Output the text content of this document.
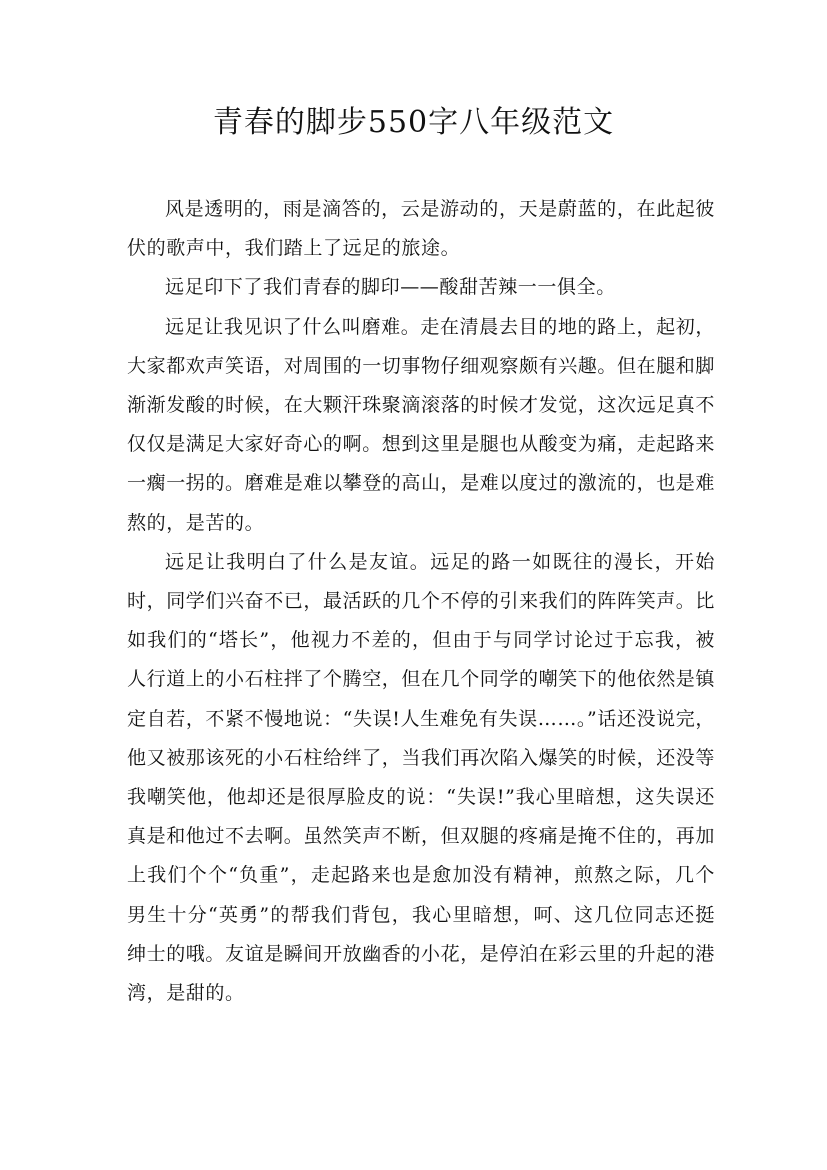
青春的脚步550字八年级范文

风是透明的，雨是滴答的，云是游动的，天是蔚蓝的，在此起彼伏的歌声中，我们踏上了远足的旅途。

远足印下了我们青春的脚印——酸甜苦辣一一俱全。

远足让我见识了什么叫磨难。走在清晨去目的地的路上，起初，大家都欢声笑语，对周围的一切事物仔细观察颇有兴趣。但在腿和脚渐渐发酸的时候，在大颗汗珠聚滴滚落的时候才发觉，这次远足真不仅仅是满足大家好奇心的啊。想到这里是腿也从酸变为痛，走起路来一瘸一拐的。磨难是难以攀登的高山，是难以度过的激流的，也是难熬的，是苦的。

远足让我明白了什么是友谊。远足的路一如既往的漫长，开始时，同学们兴奋不已，最活跃的几个不停的引来我们的阵阵笑声。比如我们的“塔长”，他视力不差的，但由于与同学讨论过于忘我，被人行道上的小石柱拌了个腾空，但在几个同学的嘲笑下的他依然是镇定自若，不紧不慢地说：“失误!人生难免有失误……。”话还没说完，他又被那该死的小石柱给绊了，当我们再次陷入爆笑的时候，还没等我嘲笑他，他却还是很厚脸皮的说：“失误!”我心里暗想，这失误还真是和他过不去啊。虽然笑声不断，但双腿的疼痛是掩不住的，再加上我们个个“负重”，走起路来也是愈加没有精神，煎熬之际，几个男生十分“英勇”的帮我们背包，我心里暗想，呵、这几位同志还挺绅士的哦。友谊是瞬间开放幽香的小花，是停泊在彩云里的升起的港湾，是甜的。
